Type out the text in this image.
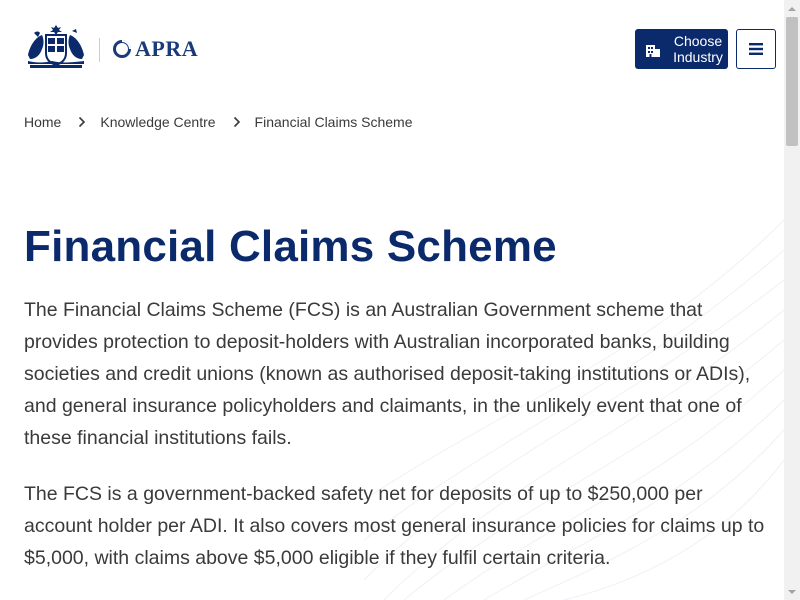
APRA	Choose Industry
Home	Knowledge Centre	Financial Claims Scheme
Financial Claims Scheme

The Financial Claims Scheme (FCS) is an Australian Government scheme that provides protection to deposit-holders with Australian incorporated banks, building societies and credit unions (known as authorised deposit-taking institutions or ADIs), and general insurance policyholders and claimants, in the unlikely event that one of these financial institutions fails.

The FCS is a government-backed safety net for deposits of up to $250,000 per account holder per ADI. It also covers most general insurance policies for claims up to $5,000, with claims above $5,000 eligible if they fulfil certain criteria.
